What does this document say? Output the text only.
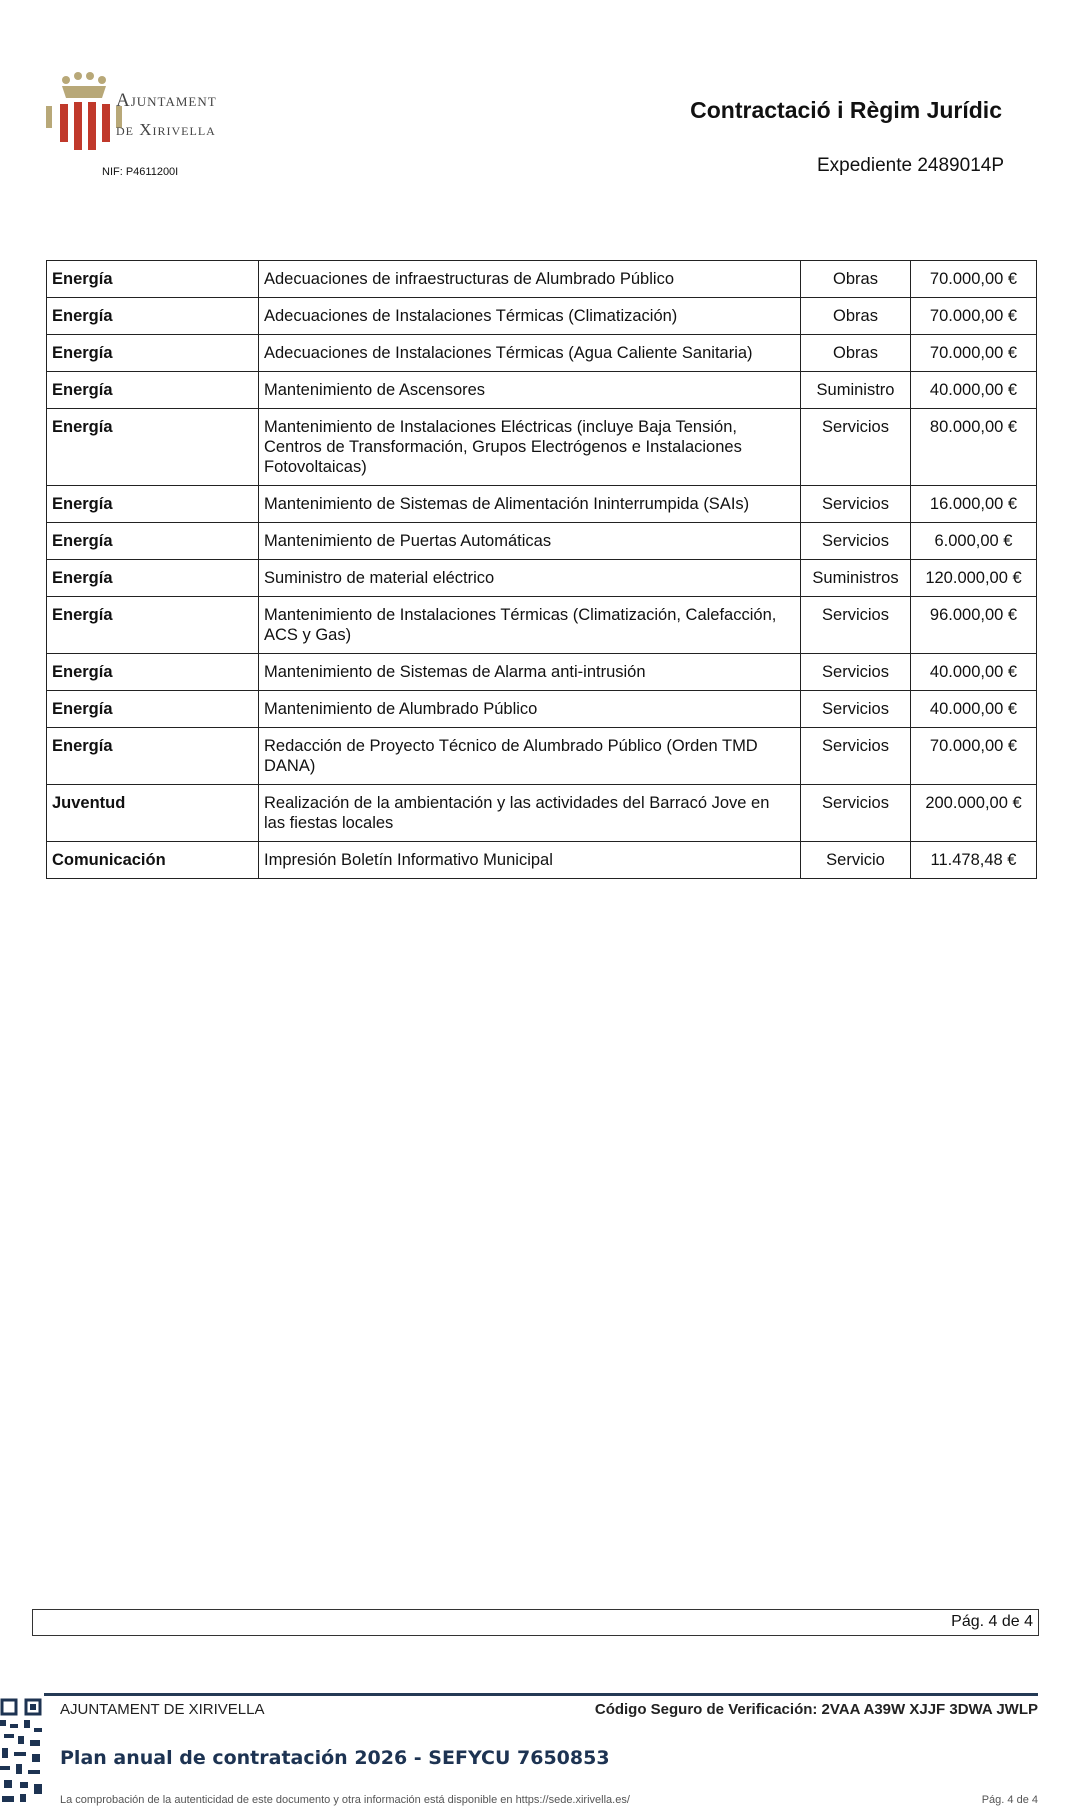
Ajuntament
de Xirivella
NIF: P4611200I
Contractació i Règim Jurídic
Expediente 2489014P
Energía	Adecuaciones de infraestructuras de Alumbrado Público	Obras	70.000,00 €
Energía	Adecuaciones de Instalaciones Térmicas (Climatización)	Obras	70.000,00 €
Energía	Adecuaciones de Instalaciones Térmicas (Agua Caliente Sanitaria)	Obras	70.000,00 €
Energía	Mantenimiento de Ascensores	Suministro	40.000,00 €
Energía	Mantenimiento de Instalaciones Eléctricas (incluye Baja Tensión, Centros de Transformación, Grupos Electrógenos e Instalaciones Fotovoltaicas)	Servicios	80.000,00 €
Energía	Mantenimiento de Sistemas de Alimentación Ininterrumpida (SAIs)	Servicios	16.000,00 €
Energía	Mantenimiento de Puertas Automáticas	Servicios	6.000,00 €
Energía	Suministro de material eléctrico	Suministros	120.000,00 €
Energía	Mantenimiento de Instalaciones Térmicas (Climatización, Calefacción, ACS y Gas)	Servicios	96.000,00 €
Energía	Mantenimiento de Sistemas de Alarma anti-intrusión	Servicios	40.000,00 €
Energía	Mantenimiento de Alumbrado Público	Servicios	40.000,00 €
Energía	Redacción de Proyecto Técnico de Alumbrado Público (Orden TMD DANA)	Servicios	70.000,00 €
Juventud	Realización de la ambientación y las actividades del Barracó Jove en las fiestas locales	Servicios	200.000,00 €
Comunicación	Impresión Boletín Informativo Municipal	Servicio	11.478,48 €
Pág. 4 de 4
AJUNTAMENT DE XIRIVELLA	Código Seguro de Verificación: 2VAA A39W XJJF 3DWA JWLP
Plan anual de contratación 2026 - SEFYCU 7650853
La comprobación de la autenticidad de este documento y otra información está disponible en https://sede.xirivella.es/	Pág. 4 de 4
